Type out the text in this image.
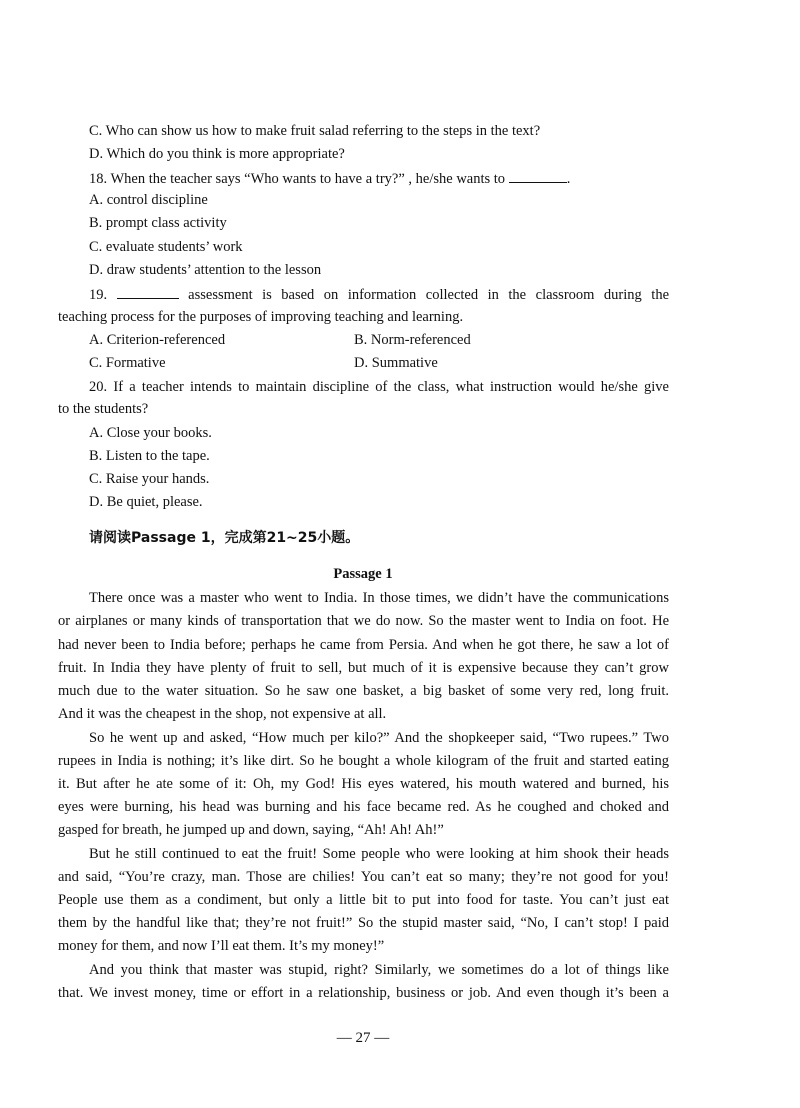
C. Who can show us how to make fruit salad referring to the steps in the text?
D. Which do you think is more appropriate?
18. When the teacher says “Who wants to have a try?” , he/she wants to	.
A. control discipline
B. prompt class activity
C. evaluate students’ work
D. draw students’ attention to the lesson
19.	assessment is based on information collected in the classroom during the
teaching process for the purposes of improving teaching and learning.
A. Criterion-referenced	B. Norm-referenced
C. Formative	D. Summative
20. If a teacher intends to maintain discipline of the class, what instruction would he/she give
to the students?
A. Close your books.
B. Listen to the tape.
C. Raise your hands.
D. Be quiet, please.
请阅读Passage 1，完成第21~25小题。
Passage 1
There once was a master who went to India. In those times, we didn’t have the communications
or airplanes or many kinds of transportation that we do now. So the master went to India on foot. He
had never been to India before; perhaps he came from Persia. And when he got there, he saw a lot of
fruit. In India they have plenty of fruit to sell, but much of it is expensive because they can’t grow
much due to the water situation. So he saw one basket, a big basket of some very red, long fruit.
And it was the cheapest in the shop, not expensive at all.
So he went up and asked, “How much per kilo?” And the shopkeeper said, “Two rupees.” Two
rupees in India is nothing; it’s like dirt. So he bought a whole kilogram of the fruit and started eating
it. But after he ate some of it: Oh, my God! His eyes watered, his mouth watered and burned, his
eyes were burning, his head was burning and his face became red. As he coughed and choked and
gasped for breath, he jumped up and down, saying, “Ah! Ah! Ah!”
But he still continued to eat the fruit! Some people who were looking at him shook their heads
and said, “You’re crazy, man. Those are chilies! You can’t eat so many; they’re not good for you!
People use them as a condiment, but only a little bit to put into food for taste. You can’t just eat
them by the handful like that; they’re not fruit!” So the stupid master said, “No, I can’t stop! I paid
money for them, and now I’ll eat them. It’s my money!”
And you think that master was stupid, right? Similarly, we sometimes do a lot of things like
that. We invest money, time or effort in a relationship, business or job. And even though it’s been a
— 27 —
